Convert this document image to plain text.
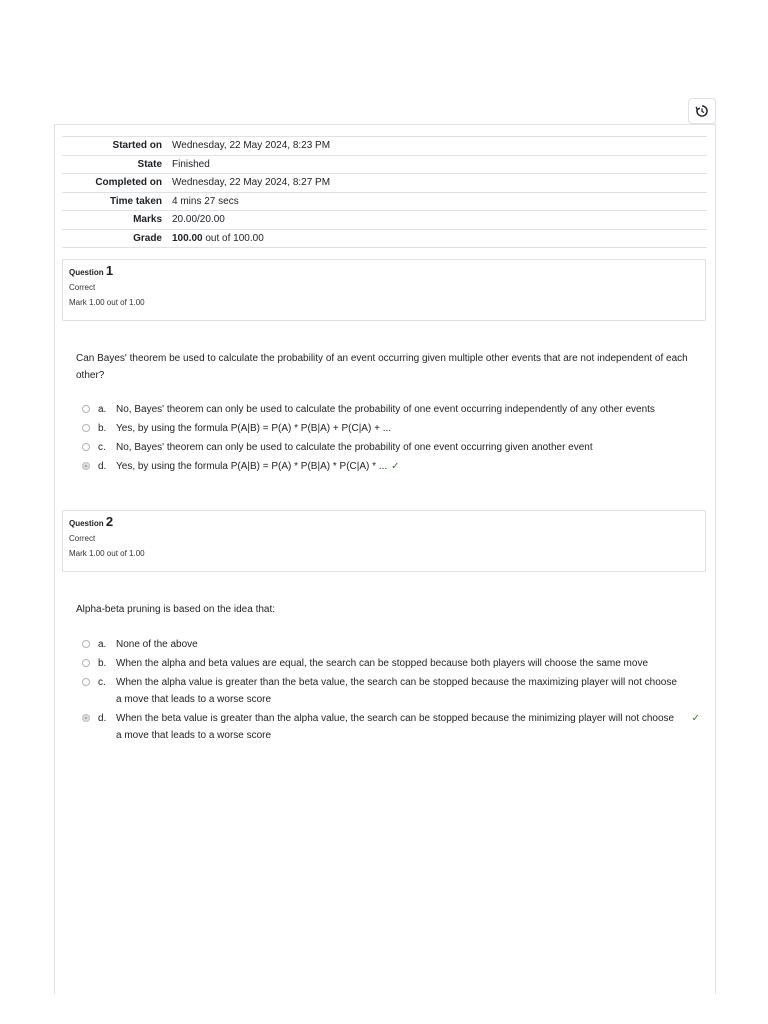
Started on	Wednesday, 22 May 2024, 8:23 PM
State	Finished
Completed on	Wednesday, 22 May 2024, 8:27 PM
Time taken	4 mins 27 secs
Marks	20.00/20.00
Grade	100.00 out of 100.00
Question 1
Correct
Mark 1.00 out of 1.00
Can Bayes' theorem be used to calculate the probability of an event occurring given multiple other events that are not independent of each other?
a. No, Bayes' theorem can only be used to calculate the probability of one event occurring independently of any other events
b. Yes, by using the formula P(A|B) = P(A) * P(B|A) + P(C|A) + ...
c.	No, Bayes' theorem can only be used to calculate the probability of one event occurring given another event
d. Yes, by using the formula P(A|B) = P(A) * P(B|A) * P(C|A) * ... ✓
Question 2
Correct
Mark 1.00 out of 1.00
Alpha-beta pruning is based on the idea that:
a. None of the above
b. When the alpha and beta values are equal, the search can be stopped because both players will choose the same move
c.	When the alpha value is greater than the beta value, the search can be stopped because the maximizing player will not choose a move that leads to a worse score
d. When the beta value is greater than the alpha value, the search can be stopped because the minimizing player will not choose a move that leads to a worse score
✓
